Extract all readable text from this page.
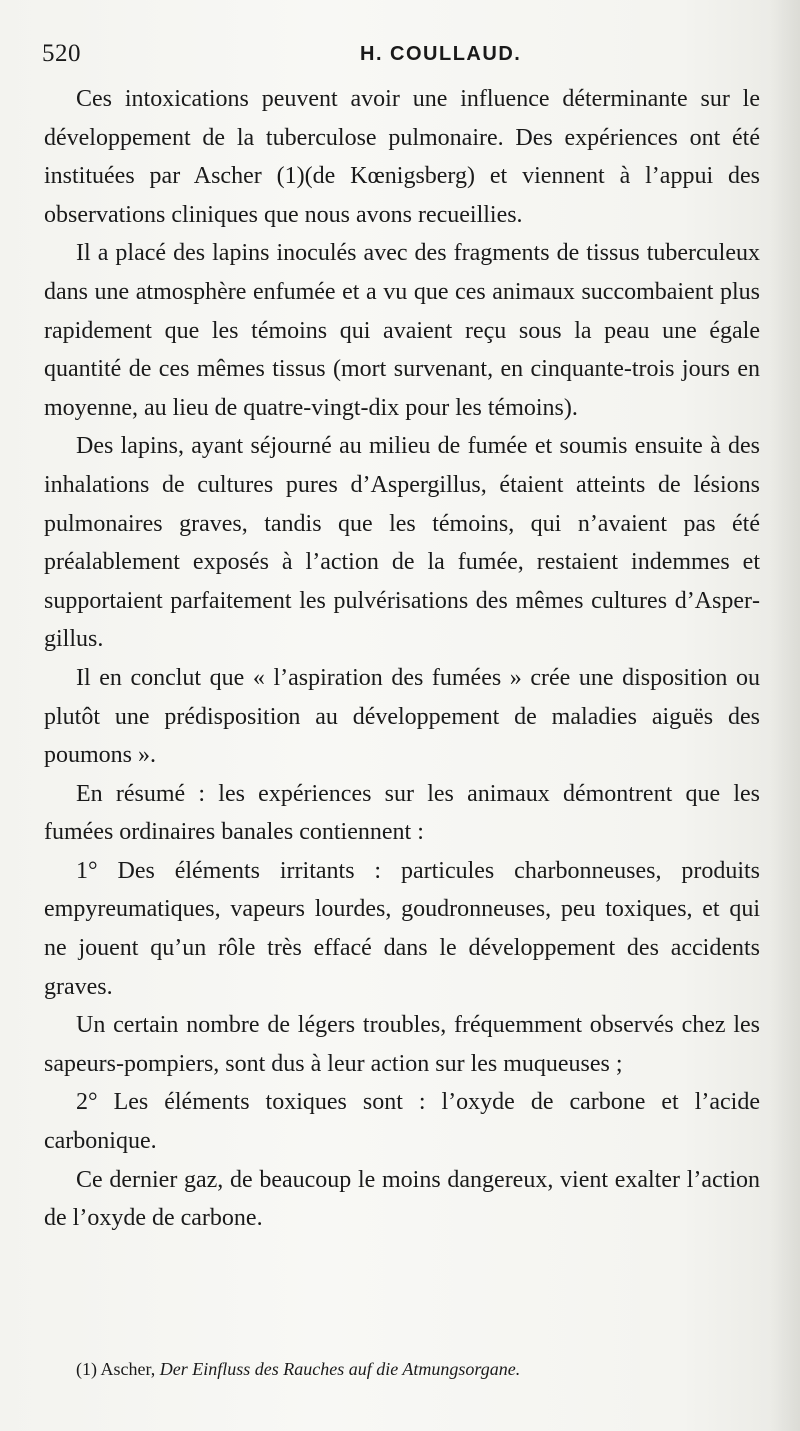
520	H. COULLAUD.

Ces intoxications peuvent avoir une influence déterminante sur le développement de la tuberculose pulmonaire. Des expériences ont été instituées par Ascher (1)(de Kœnigsberg) et viennent à l’appui des observations cliniques que nous avons recueillies.

Il a placé des lapins inoculés avec des fragments de tissus tuberculeux dans une atmosphère enfumée et a vu que ces animaux succombaient plus rapidement que les témoins qui avaient reçu sous la peau une égale quantité de ces mêmes tissus (mort survenant, en cinquante-trois jours en moyenne, au lieu de quatre-vingt-dix pour les témoins).

Des lapins, ayant séjourné au milieu de fumée et soumis ensuite à des inhalations de cultures pures d’Aspergillus, étaient atteints de lésions pulmonaires graves, tandis que les témoins, qui n’avaient pas été préalablement exposés à l’action de la fumée, restaient indemmes et supportaient parfaitement les pulvérisations des mêmes cultures d’Aspergillus.

Il en conclut que « l’aspiration des fumées » crée une disposition ou plutôt une prédisposition au développement de maladies aiguës des poumons ».

En résumé : les expériences sur les animaux démontrent que les fumées ordinaires banales contiennent :

1° Des éléments irritants : particules charbonneuses, produits empyreumatiques, vapeurs lourdes, goudronneuses, peu toxiques, et qui ne jouent qu’un rôle très effacé dans le développement des accidents graves.

Un certain nombre de légers troubles, fréquemment observés chez les sapeurs-pompiers, sont dus à leur action sur les muqueuses ;

2° Les éléments toxiques sont : l’oxyde de carbone et l’acide carbonique.

Ce dernier gaz, de beaucoup le moins dangereux, vient exalter l’action de l’oxyde de carbone.

(1) Ascher, Der Einfluss des Rauches auf die Atmungsorgane.
